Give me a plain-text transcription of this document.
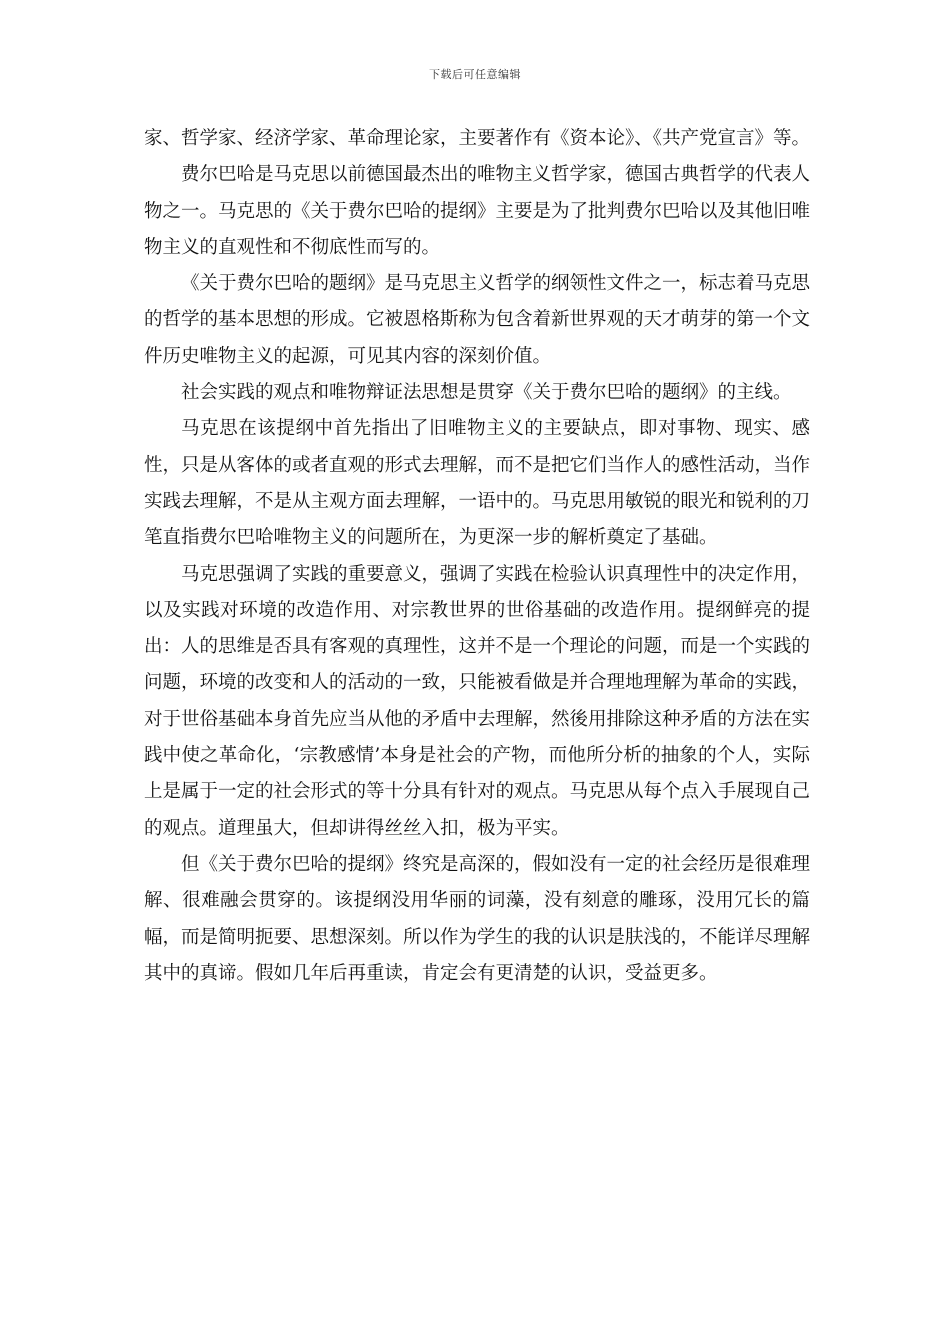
下载后可任意编辑

家、哲学家、经济学家、革命理论家，主要著作有《资本论》、《共产党宣言》等。

费尔巴哈是马克思以前德国最杰出的唯物主义哲学家，德国古典哲学的代表人物之一。马克思的《关于费尔巴哈的提纲》主要是为了批判费尔巴哈以及其他旧唯物主义的直观性和不彻底性而写的。

《关于费尔巴哈的题纲》是马克思主义哲学的纲领性文件之一，标志着马克思的哲学的基本思想的形成。它被恩格斯称为包含着新世界观的天才萌芽的第一个文件历史唯物主义的起源，可见其内容的深刻价值。

社会实践的观点和唯物辩证法思想是贯穿《关于费尔巴哈的题纲》的主线。

马克思在该提纲中首先指出了旧唯物主义的主要缺点，即对事物、现实、感性，只是从客体的或者直观的形式去理解，而不是把它们当作人的感性活动，当作实践去理解，不是从主观方面去理解，一语中的。马克思用敏锐的眼光和锐利的刀笔直指费尔巴哈唯物主义的问题所在，为更深一步的解析奠定了基础。

马克思强调了实践的重要意义，强调了实践在检验认识真理性中的决定作用，以及实践对环境的改造作用、对宗教世界的世俗基础的改造作用。提纲鲜亮的提出：人的思维是否具有客观的真理性，这并不是一个理论的问题，而是一个实践的问题，环境的改变和人的活动的一致，只能被看做是并合理地理解为革命的实践，对于世俗基础本身首先应当从他的矛盾中去理解，然後用排除这种矛盾的方法在实践中使之革命化，‘宗教感情’本身是社会的产物，而他所分析的抽象的个人，实际上是属于一定的社会形式的等十分具有针对的观点。马克思从每个点入手展现自己的观点。道理虽大，但却讲得丝丝入扣，极为平实。

但《关于费尔巴哈的提纲》终究是高深的，假如没有一定的社会经历是很难理解、很难融会贯穿的。该提纲没用华丽的词藻，没有刻意的雕琢，没用冗长的篇幅，而是简明扼要、思想深刻。所以作为学生的我的认识是肤浅的，不能详尽理解其中的真谛。假如几年后再重读，肯定会有更清楚的认识，受益更多。
